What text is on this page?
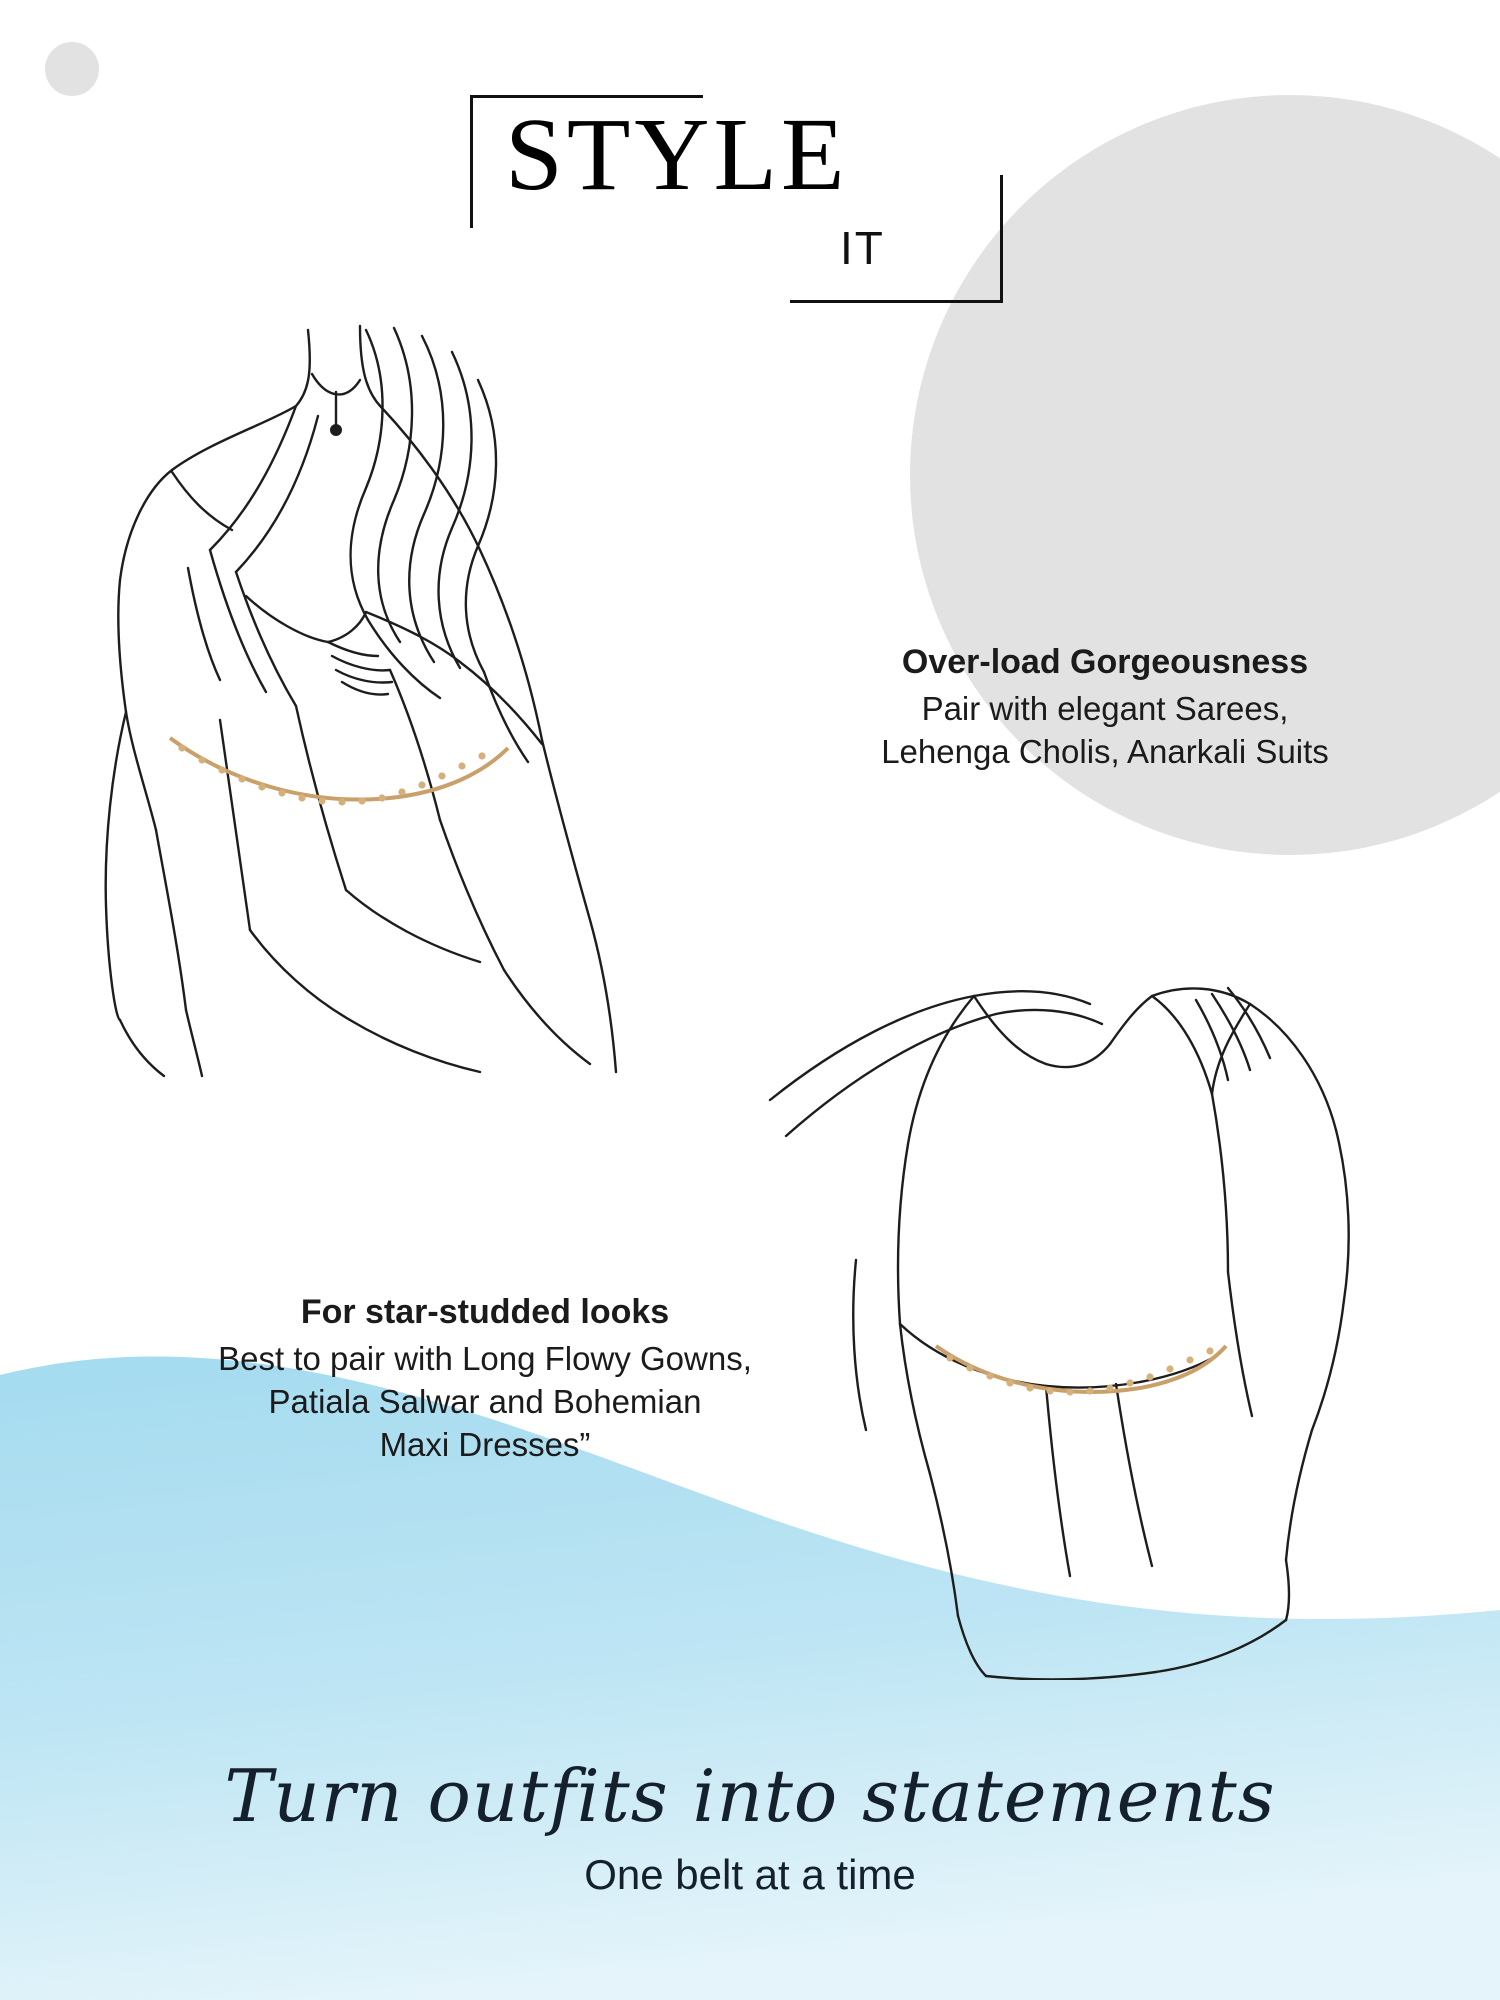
STYLE
IT

Over-load Gorgeousness

Pair with elegant Sarees,

Lehenga Cholis, Anarkali Suits

For star-studded looks

Best to pair with Long Flowy Gowns,

Patiala Salwar and Bohemian

Maxi Dresses”

Turn outfits into statements

One belt at a time
